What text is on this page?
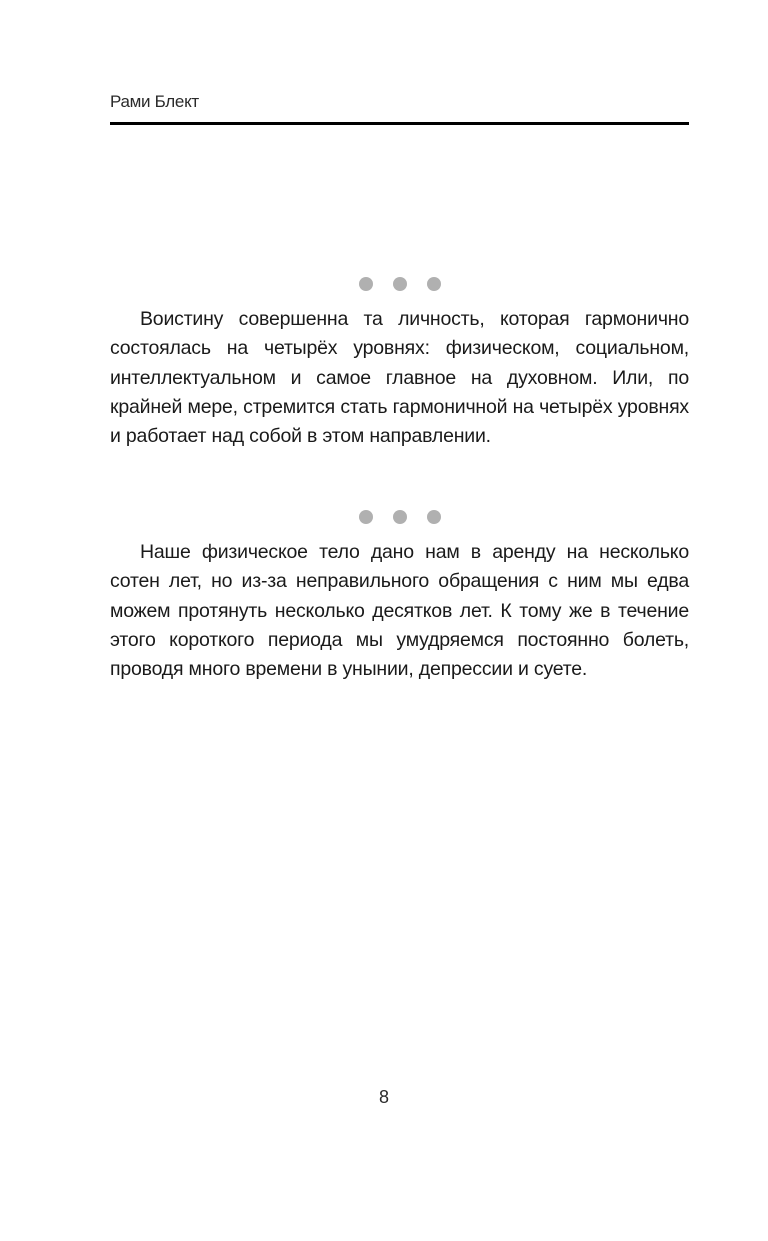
Рами Блект

Воистину совершенна та личность, которая гармонично состоялась на четырёх уровнях: физическом, социальном, интеллектуальном и самое главное на духовном. Или, по крайней мере, стремится стать гармоничной на четырёх уровнях и работает над собой в этом направлении.

Наше физическое тело дано нам в аренду на несколько сотен лет, но из-за неправильного обращения с ним мы едва можем протянуть несколько десятков лет. К тому же в течение этого короткого периода мы умудряемся постоянно болеть, проводя много времени в унынии, депрессии и суете.

8
